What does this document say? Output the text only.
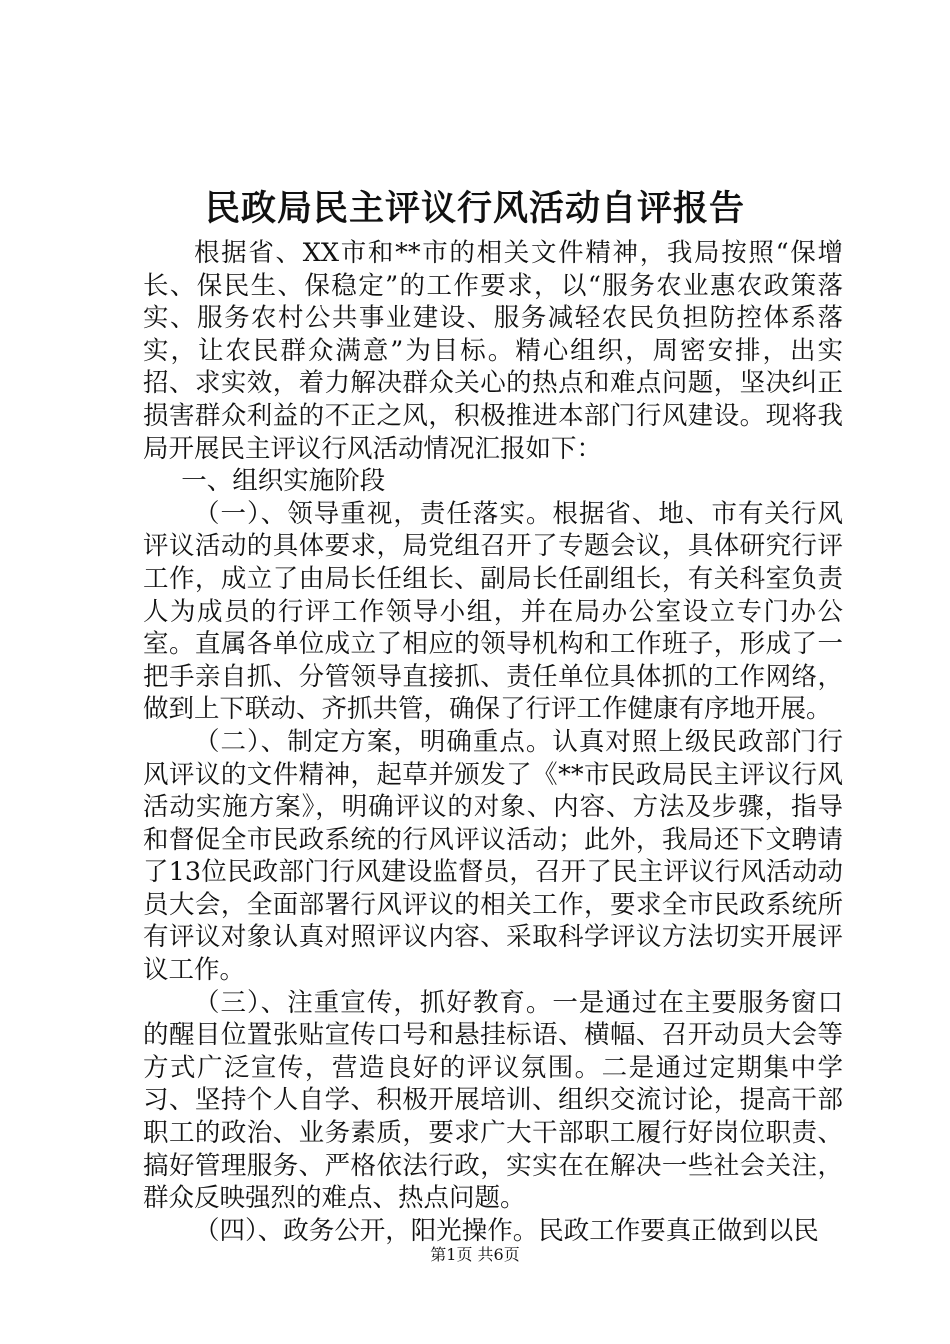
民政局民主评议行风活动自评报告

根据省、XX市和**市的相关文件精神，我局按照“保增长、保民生、保稳定”的工作要求，以“服务农业惠农政策落实、服务农村公共事业建设、服务减轻农民负担防控体系落实，让农民群众满意”为目标。精心组织，周密安排，出实招、求实效，着力解决群众关心的热点和难点问题，坚决纠正损害群众利益的不正之风，积极推进本部门行风建设。现将我局开展民主评议行风活动情况汇报如下：

一、组织实施阶段

（一）、领导重视，责任落实。根据省、地、市有关行风评议活动的具体要求，局党组召开了专题会议，具体研究行评工作，成立了由局长任组长、副局长任副组长，有关科室负责人为成员的行评工作领导小组，并在局办公室设立专门办公室。直属各单位成立了相应的领导机构和工作班子，形成了一把手亲自抓、分管领导直接抓、责任单位具体抓的工作网络，做到上下联动、齐抓共管，确保了行评工作健康有序地开展。

（二）、制定方案，明确重点。认真对照上级民政部门行风评议的文件精神，起草并颁发了《**市民政局民主评议行风活动实施方案》，明确评议的对象、内容、方法及步骤，指导和督促全市民政系统的行风评议活动；此外，我局还下文聘请了13位民政部门行风建设监督员，召开了民主评议行风活动动员大会，全面部署行风评议的相关工作，要求全市民政系统所有评议对象认真对照评议内容、采取科学评议方法切实开展评议工作。

（三）、注重宣传，抓好教育。一是通过在主要服务窗口的醒目位置张贴宣传口号和悬挂标语、横幅、召开动员大会等方式广泛宣传，营造良好的评议氛围。二是通过定期集中学习、坚持个人自学、积极开展培训、组织交流讨论，提高干部职工的政治、业务素质，要求广大干部职工履行好岗位职责、搞好管理服务、严格依法行政，实实在在解决一些社会关注，群众反映强烈的难点、热点问题。

（四）、政务公开，阳光操作。民政工作要真正做到以民

第1页 共6页
